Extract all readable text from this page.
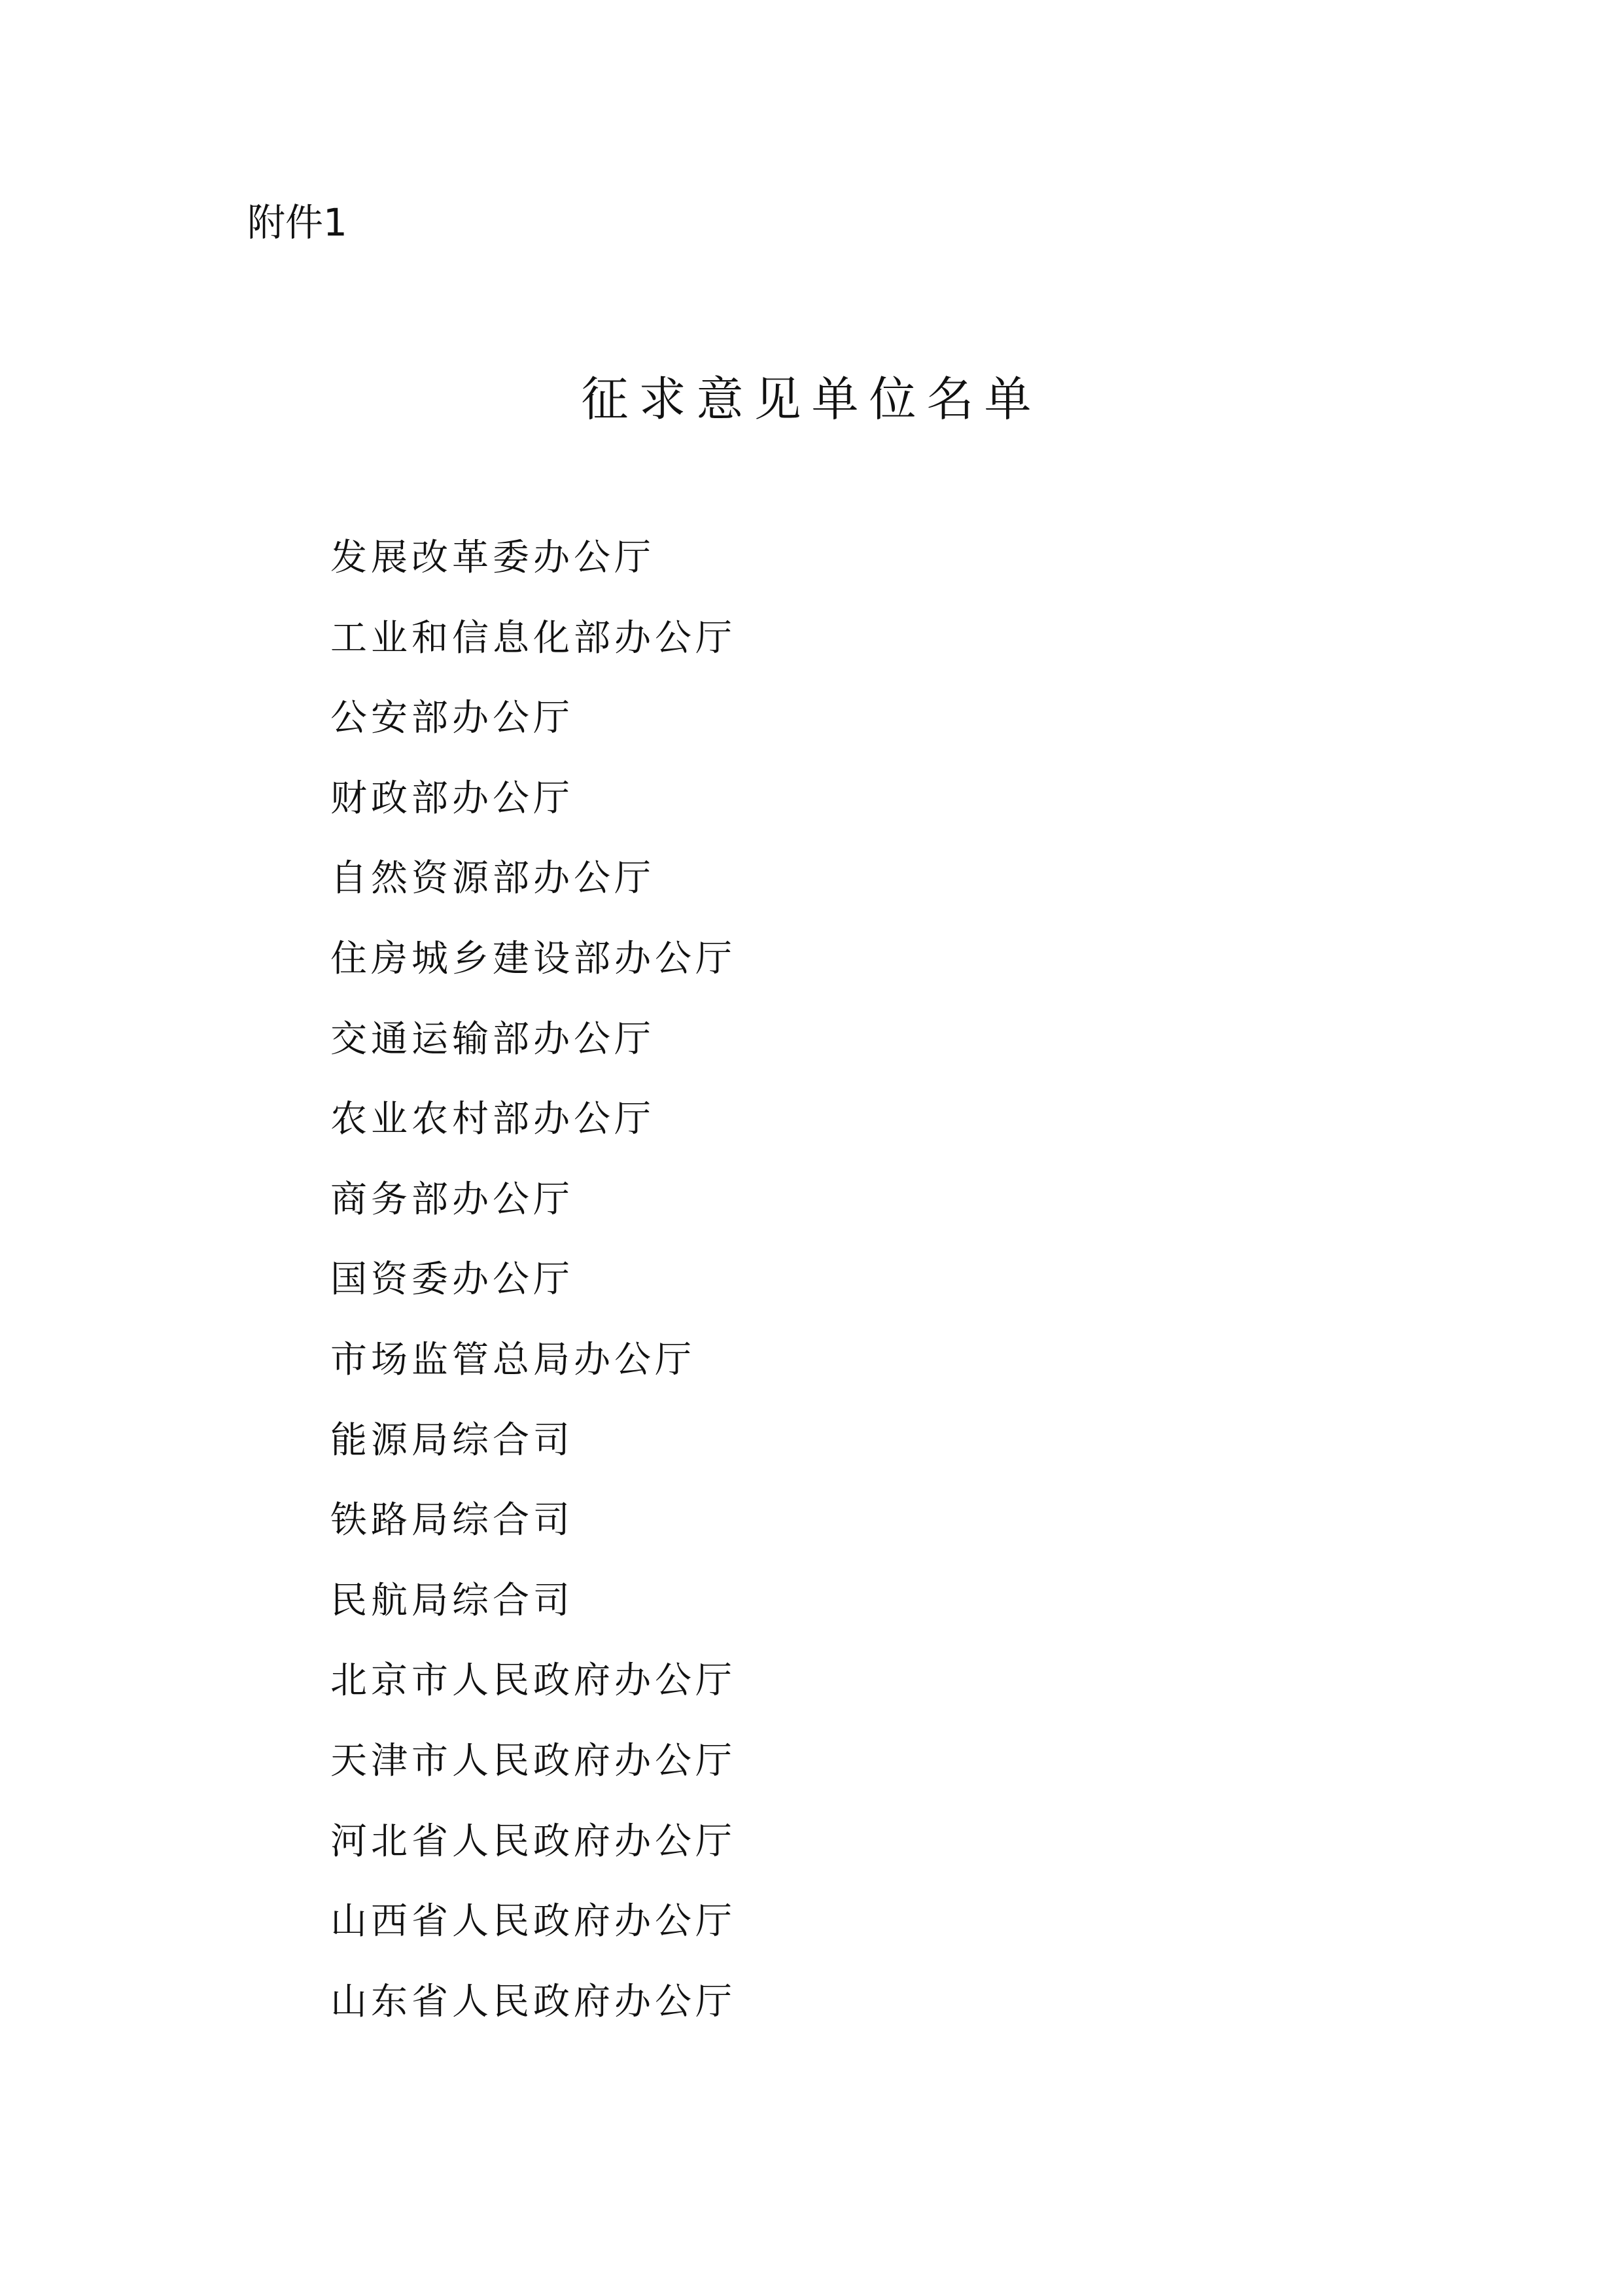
附件1
征求意见单位名单
发展改革委办公厅
工业和信息化部办公厅
公安部办公厅
财政部办公厅
自然资源部办公厅
住房城乡建设部办公厅
交通运输部办公厅
农业农村部办公厅
商务部办公厅
国资委办公厅
市场监管总局办公厅
能源局综合司
铁路局综合司
民航局综合司
北京市人民政府办公厅
天津市人民政府办公厅
河北省人民政府办公厅
山西省人民政府办公厅
山东省人民政府办公厅
